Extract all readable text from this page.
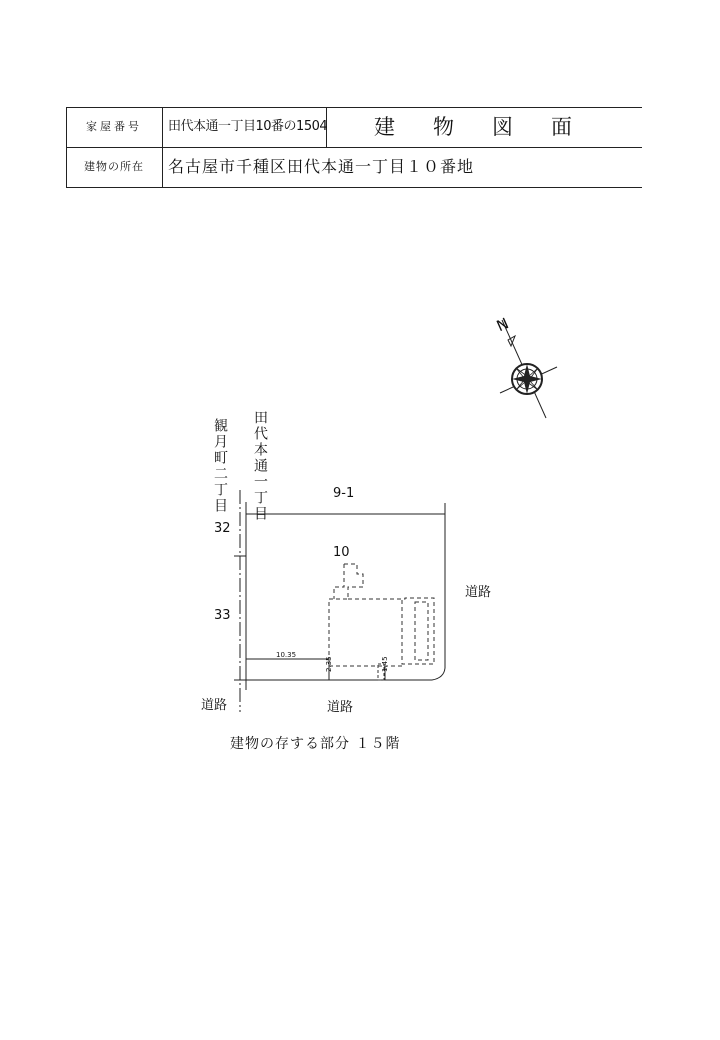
家屋番号	田代本通一丁目10番の1504	建物図面
建物の所在	名古屋市千種区田代本通一丁目１０番地
N
観月町二丁目 田代本通一丁目	9-1
10
32
33
道路
道路
道路
10.35
2.35	1.45
建物の存する部分 １５階
